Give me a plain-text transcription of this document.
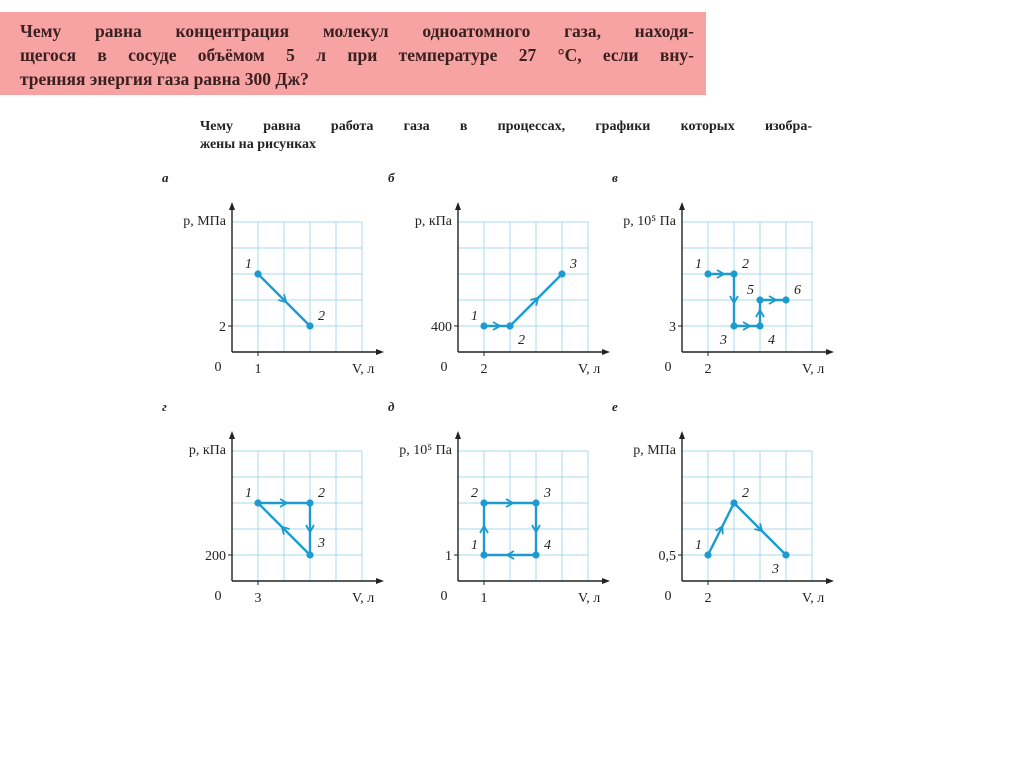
Чему равна концентрация молекул одноатомного газа, находя-
щегося в сосуде объёмом 5 л при температуре 27 °С, если вну-
тренняя энергия газа равна 300 Дж?
Чему равна работа газа в процессах, графики которых изобра-
жены на рисунках
а
p, МПа
V, л
0 1
2
1
2
б
p, кПа
V, л
0 2
400
1
2
3
в
p, 10⁵ Па
V, л
0 2
3
1	2
3	4
5	6
г
p, кПа
V, л
0 3
200
1	2
3
д
p, 10⁵ Па
V, л
0 1
1
1
2	3
4
е
p, МПа
V, л
0 2
0,5
1
2
3
